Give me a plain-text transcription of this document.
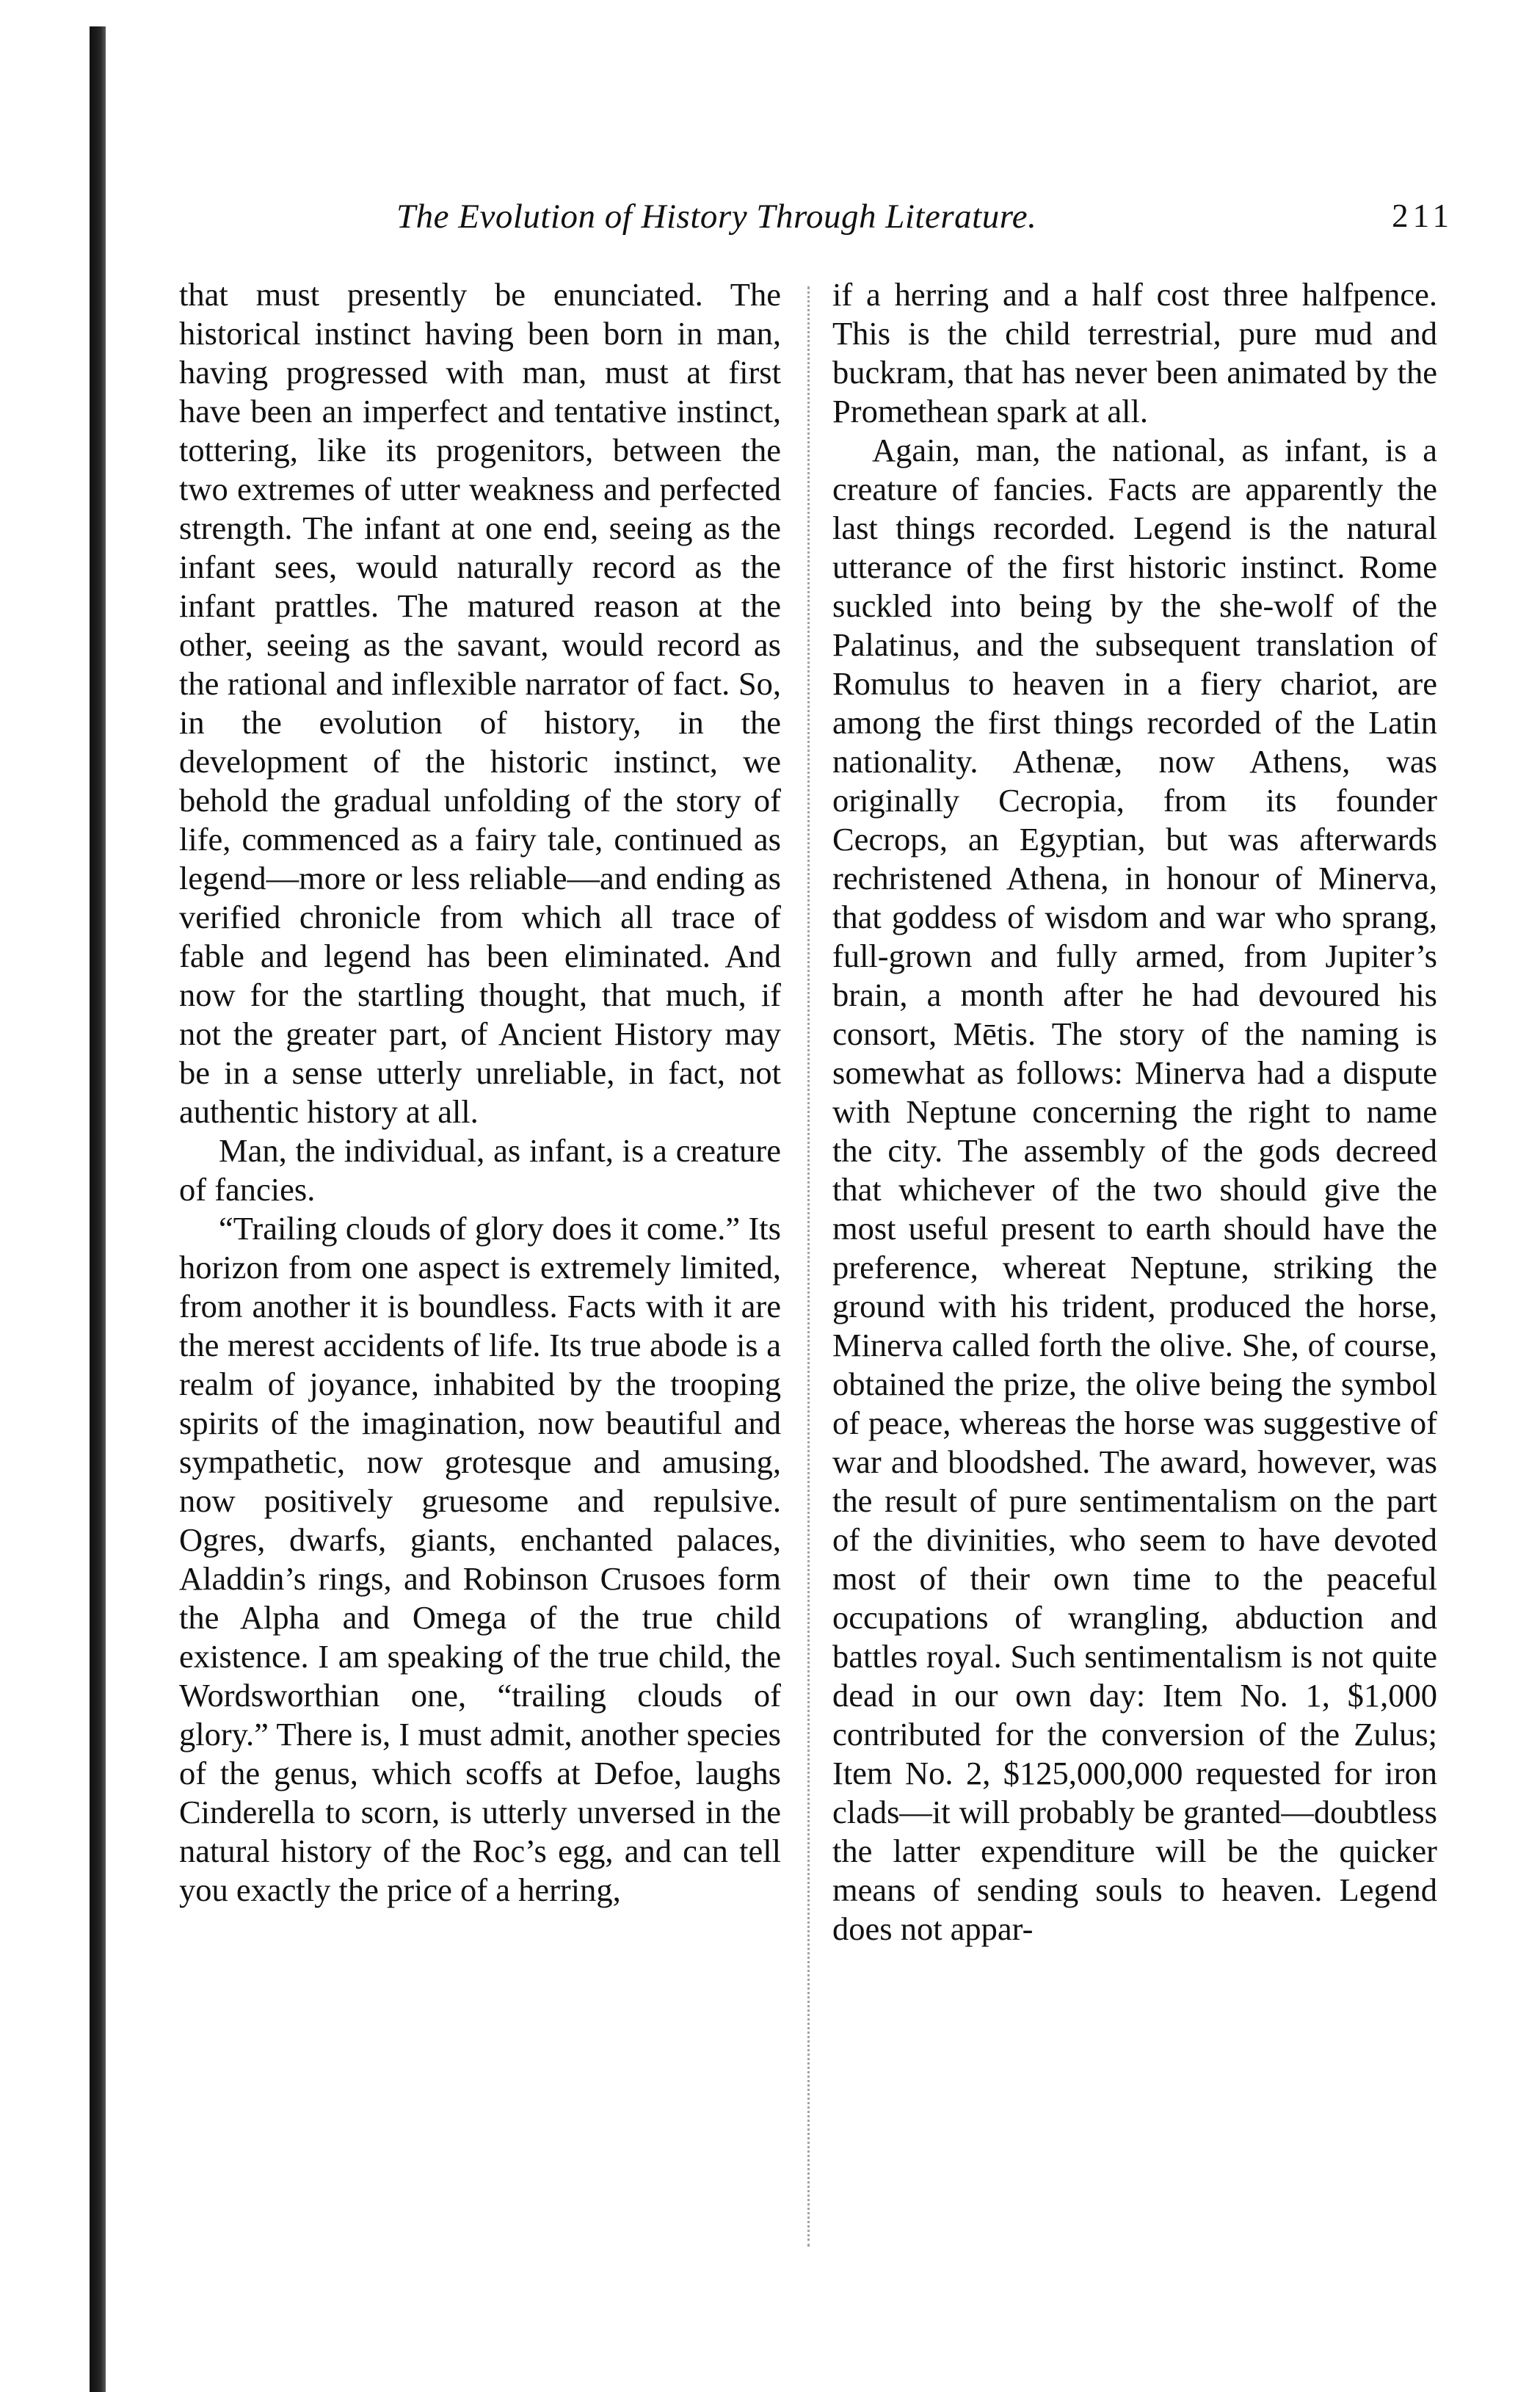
The Evolution of History Through Literature.	211

that must presently be enunciated. The historical instinct having been born in man, having progressed with man, must at first have been an imperfect and tentative instinct, tottering, like its progenitors, between the two extremes of utter weakness and perfected strength. The infant at one end, seeing as the infant sees, would naturally record as the infant prattles. The matured reason at the other, seeing as the savant, would record as the rational and inflexible narrator of fact. So, in the evolution of history, in the development of the historic instinct, we behold the gradual unfolding of the story of life, commenced as a fairy tale, continued as legend—more or less reliable—and ending as verified chronicle from which all trace of fable and legend has been eliminated. And now for the startling thought, that much, if not the greater part, of Ancient History may be in a sense utterly unreliable, in fact, not authentic history at all.

Man, the individual, as infant, is a creature of fancies.

“Trailing clouds of glory does it come.” Its horizon from one aspect is extremely limited, from another it is boundless. Facts with it are the merest accidents of life. Its true abode is a realm of joyance, inhabited by the trooping spirits of the imagination, now beautiful and sympathetic, now grotesque and amusing, now positively gruesome and repulsive. Ogres, dwarfs, giants, enchanted palaces, Aladdin’s rings, and Robinson Crusoes form the Alpha and Omega of the true child existence. I am speaking of the true child, the Wordsworthian one, “trailing clouds of glory.” There is, I must admit, another species of the genus, which scoffs at Defoe, laughs Cinderella to scorn, is utterly unversed in the natural history of the Roc’s egg, and can tell you exactly the price of a herring,

if a herring and a half cost three halfpence. This is the child terrestrial, pure mud and buckram, that has never been animated by the Promethean spark at all.

Again, man, the national, as infant, is a creature of fancies. Facts are apparently the last things recorded. Legend is the natural utterance of the first historic instinct. Rome suckled into being by the she-wolf of the Palatinus, and the subsequent translation of Romulus to heaven in a fiery chariot, are among the first things recorded of the Latin nationality. Athenæ, now Athens, was originally Cecropia, from its founder Cecrops, an Egyptian, but was afterwards rechristened Athena, in honour of Minerva, that goddess of wisdom and war who sprang, full-grown and fully armed, from Jupiter’s brain, a month after he had devoured his consort, Mētis. The story of the naming is somewhat as follows: Minerva had a dispute with Neptune concerning the right to name the city. The assembly of the gods decreed that whichever of the two should give the most useful present to earth should have the preference, whereat Neptune, striking the ground with his trident, produced the horse, Minerva called forth the olive. She, of course, obtained the prize, the olive being the symbol of peace, whereas the horse was suggestive of war and bloodshed. The award, however, was the result of pure sentimentalism on the part of the divinities, who seem to have devoted most of their own time to the peaceful occupations of wrangling, abduction and battles royal. Such sentimentalism is not quite dead in our own day: Item No. 1, $1,000 contributed for the conversion of the Zulus; Item No. 2, $125,000,000 requested for iron clads—it will probably be granted—doubtless the latter expenditure will be the quicker means of sending souls to heaven. Legend does not appar-
